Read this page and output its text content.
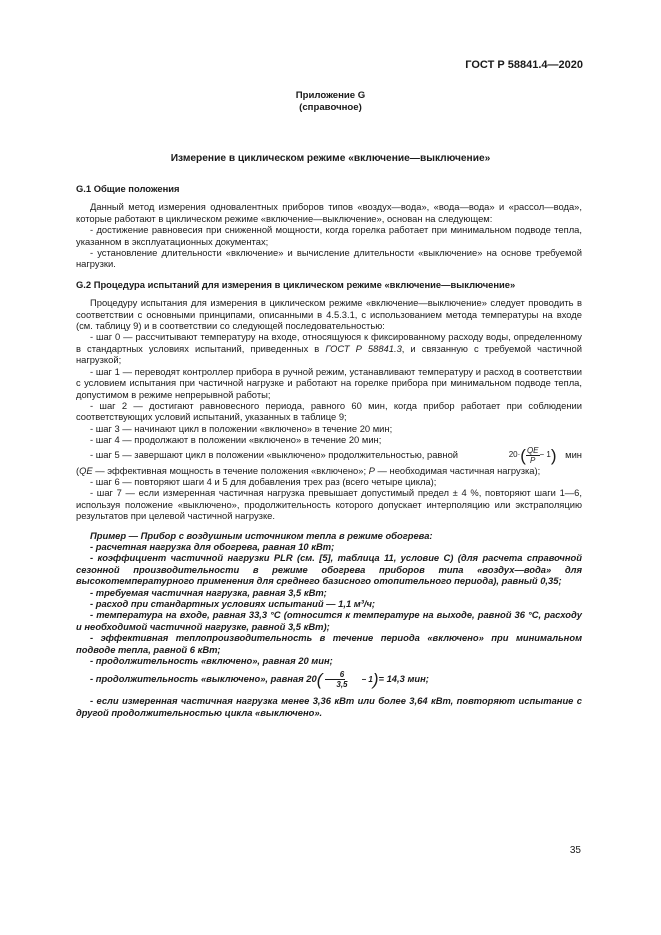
ГОСТ Р 58841.4—2020
Приложение G
(справочное)
Измерение в циклическом режиме «включение—выключение»
G.1 Общие положения

Данный метод измерения одновалентных приборов типов «воздух—вода», «вода—вода» и «рассол—вода», которые работают в циклическом режиме «включение—выключение», основан на следующем:

- достижение равновесия при сниженной мощности, когда горелка работает при минимальном подводе тепла, указанном в эксплуатационных документах;

- установление длительности «включение» и вычисление длительности «выключение» на основе требуемой нагрузки.

G.2 Процедура испытаний для измерения в циклическом режиме «включение—выключение»

Процедуру испытания для измерения в циклическом режиме «включение—выключение» следует проводить в соответствии с основными принципами, описанными в 4.5.3.1, с использованием метода температуры на входе (см. таблицу 9) и в соответствии со следующей последовательностью:

- шаг 0 — рассчитывают температуру на входе, относящуюся к фиксированному расходу воды, определенному в стандартных условиях испытаний, приведенных в ГОСТ Р 58841.3, и связанную с требуемой частичной нагрузкой;

- шаг 1 — переводят контроллер прибора в ручной режим, устанавливают температуру и расход в соответствии с условием испытания при частичной нагрузке и работают на горелке прибора при минимальном подводе тепла, допустимом в режиме непрерывной работы;

- шаг 2 — достигают равновесного периода, равного 60 мин, когда прибор работает при соблюдении соответствующих условий испытаний, указанных в таблице 9;

- шаг 3 — начинают цикл в положении «включено» в течение 20 мин;

- шаг 4 — продолжают в положении «включено» в течение 20 мин;

- шаг 5 — завершают цикл в положении «выключено» продолжительностью, равной	$20\cdot( \frac{QE}{P} - 1)$ мин

(QE — эффективная мощность в течение положения «включено»; P — необходимая частичная нагрузка);

- шаг 6 — повторяют шаги 4 и 5 для добавления трех раз (всего четыре цикла);

- шаг 7 — если измеренная частичная нагрузка превышает допустимый предел ± 4 %, повторяют шаги 1—6, используя положение «выключено», продолжительность которого допускает интерполяцию или экстраполяцию результатов при целевой частичной нагрузке.

Пример — Прибор с воздушным источником тепла в режиме обогрева:

- расчетная нагрузка для обогрева, равная 10 кВт;

- коэффициент частичной нагрузки PLR (см. [5], таблица 11, условие С) (для расчета справочной сезонной производительности в режиме обогрева приборов типа «воздух—вода» для высокотемпературного применения для среднего базисного отопительного периода), равный 0,35;

- требуемая частичная нагрузка, равная 3,5 кВт;

- расход при стандартных условиях испытаний — 1,1 м³/ч;

- температура на входе, равная 33,3 °С (относится к температуре на выходе, равной 36 °С, расходу и необходимой частичной нагрузке, равной 3,5 кВт);

- эффективная теплопроизводительность в течение периода «включено» при минимальном подводе тепла, равной 6 кВт;

- продолжительность «включено», равная 20 мин;

- продолжительность «выключено», равная $20( \frac{6}{3,5} - 1)= 14,3$ мин;

- если измеренная частичная нагрузка менее 3,36 кВт или более 3,64 кВт, повторяют испытание с другой продолжительностью цикла «выключено».

35
